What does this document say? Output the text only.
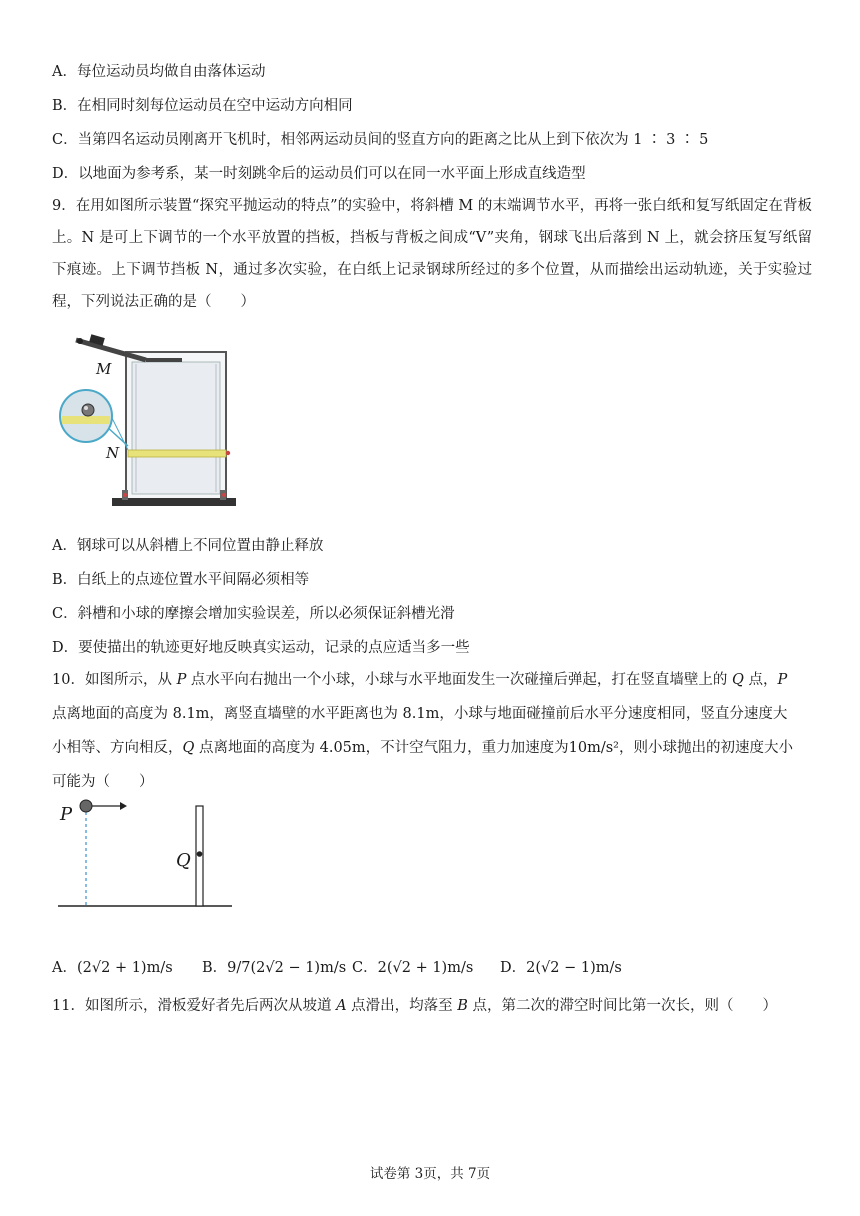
A．每位运动员均做自由落体运动
B．在相同时刻每位运动员在空中运动方向相同
C．当第四名运动员刚离开飞机时，相邻两运动员间的竖直方向的距离之比从上到下依次为 1 ∶ 3 ∶ 5
D．以地面为参考系，某一时刻跳伞后的运动员们可以在同一水平面上形成直线造型
9．在用如图所示装置“探究平抛运动的特点”的实验中，将斜槽 M 的末端调节水平，再将一张白纸和复写纸固定在背板上。N 是可上下调节的一个水平放置的挡板，挡板与背板之间成“V”夹角，钢球飞出后落到 N 上，就会挤压复写纸留下痕迹。上下调节挡板 N，通过多次实验，在白纸上记录钢球所经过的多个位置，从而描绘出运动轨迹，关于实验过程，下列说法正确的是（　　）
M
N
A．钢球可以从斜槽上不同位置由静止释放
B．白纸上的点迹位置水平间隔必须相等
C．斜槽和小球的摩擦会增加实验误差，所以必须保证斜槽光滑
D．要使描出的轨迹更好地反映真实运动，记录的点应适当多一些
10．如图所示，从 P 点水平向右抛出一个小球，小球与水平地面发生一次碰撞后弹起，打在竖直墙壁上的 Q 点，P
点离地面的高度为 8.1m，离竖直墙壁的水平距离也为 8.1m，小球与地面碰撞前后水平分速度相同，竖直分速度大
小相等、方向相反，Q 点离地面的高度为 4.05m，不计空气阻力，重力加速度为10m/s²，则小球抛出的初速度大小
可能为（　　）
P
Q
A．(2√2 + 1)m/s B．9/7(2√2 − 1)m/s C．2(√2 + 1)m/s D．2(√2 − 1)m/s
11．如图所示，滑板爱好者先后两次从坡道 A 点滑出，均落至 B 点，第二次的滞空时间比第一次长，则（　　）
试卷第 3页，共 7页
